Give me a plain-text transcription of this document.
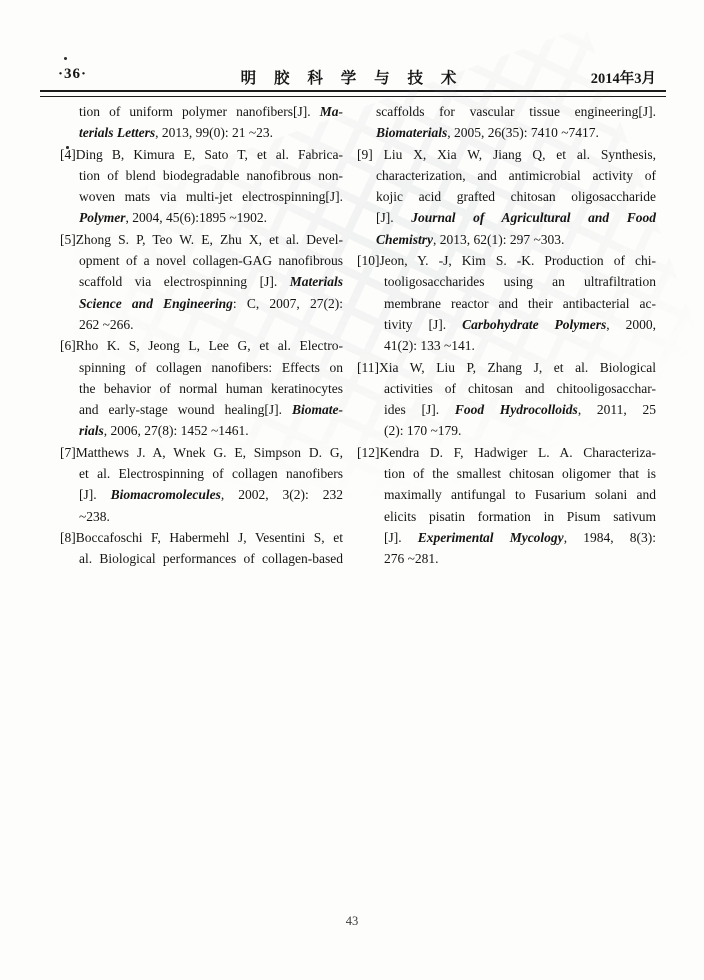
·36·	明 胶 科 学 与 技 术	2014年3月
tion of uniform polymer nanofibers[J]. Ma-
terials Letters, 2013, 99(0): 21 ~23.
[4]Ding B, Kimura E, Sato T, et al. Fabrica-
tion of blend biodegradable nanofibrous non-
woven mats via multi-jet electrospinning[J].
Polymer, 2004, 45(6):1895 ~1902.
[5]Zhong S. P, Teo W. E, Zhu X, et al. Devel-
opment of a novel collagen-GAG nanofibrous
scaffold via electrospinning [J]. Materials
Science and Engineering: C, 2007, 27(2):
262 ~266.
[6]Rho K. S, Jeong L, Lee G, et al. Electro-
spinning of collagen nanofibers: Effects on
the behavior of normal human keratinocytes
and early-stage wound healing[J]. Biomate-
rials, 2006, 27(8): 1452 ~1461.
[7]Matthews J. A, Wnek G. E, Simpson D. G,
et al. Electrospinning of collagen nanofibers
[J]. Biomacromolecules, 2002, 3(2): 232
~238.
[8]Boccafoschi F, Habermehl J, Vesentini S, et
al. Biological performances of collagen-based
scaffolds for vascular tissue engineering[J].
Biomaterials, 2005, 26(35): 7410 ~7417.
[9] Liu X, Xia W, Jiang Q, et al. Synthesis,
characterization, and antimicrobial activity of
kojic acid grafted chitosan oligosaccharide
[J]. Journal of Agricultural and Food
Chemistry, 2013, 62(1): 297 ~303.
[10]Jeon, Y. -J, Kim S. -K. Production of chi-
tooligosaccharides using an ultrafiltration
membrane reactor and their antibacterial ac-
tivity [J]. Carbohydrate Polymers, 2000,
41(2): 133 ~141.
[11]Xia W, Liu P, Zhang J, et al. Biological
activities of chitosan and chitooligosacchar-
ides [J]. Food Hydrocolloids, 2011, 25
(2): 170 ~179.
[12]Kendra D. F, Hadwiger L. A. Characteriza-
tion of the smallest chitosan oligomer that is
maximally antifungal to Fusarium solani and
elicits pisatin formation in Pisum sativum
[J]. Experimental Mycology, 1984, 8(3):
276 ~281.
43
